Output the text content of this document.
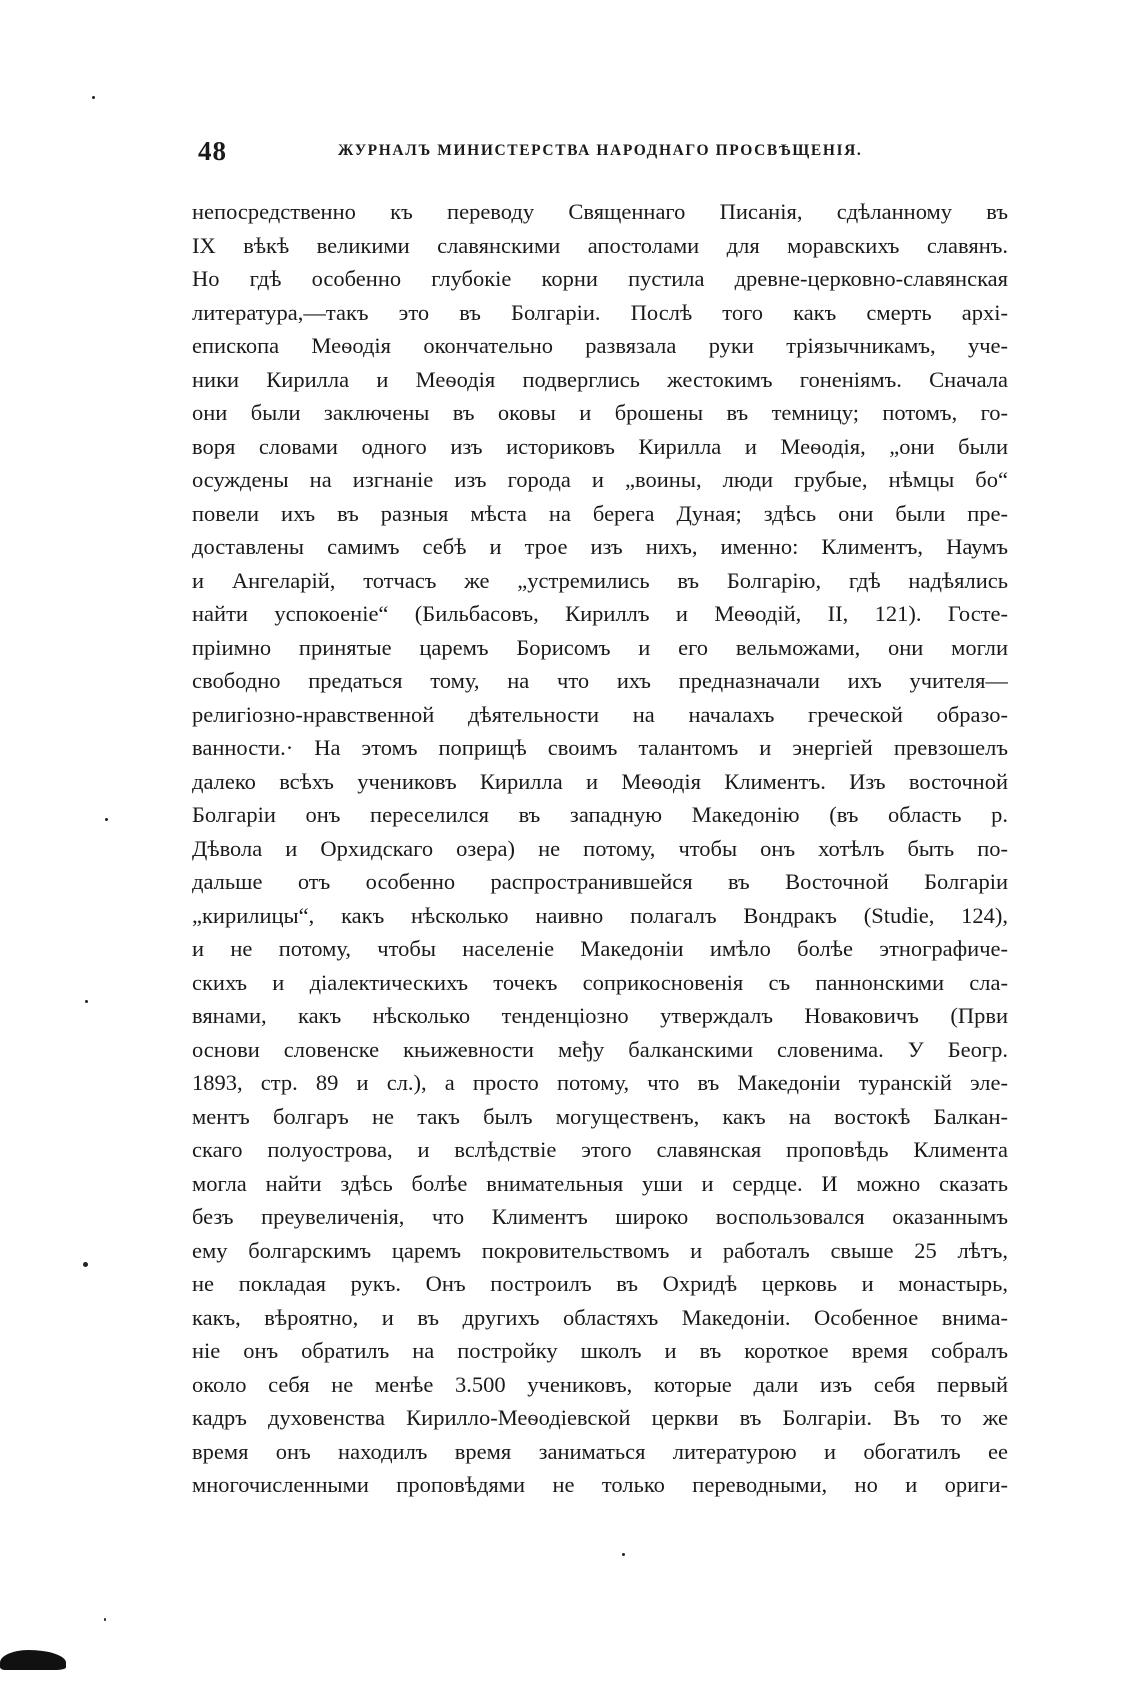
48	ЖУРНАЛЪ МИНИСТЕРСТВА НАРОДНАГО ПРОСВѢЩЕНІЯ.
непосредственно къ переводу Священнаго Писанія, сдѣланному въ
IX вѣкѣ великими славянскими апостолами для моравскихъ славянъ.
Но гдѣ особенно глубокіе корни пустила древне-церковно-славянская
литература,—такъ это въ Болгаріи. Послѣ того какъ смерть архі-
епископа Меѳодія окончательно развязала руки тріязычникамъ, уче-
ники Кирилла и Меѳодія подверглись жестокимъ гоненіямъ. Сначала
они были заключены въ оковы и брошены въ темницу; потомъ, го-
воря словами одного изъ историковъ Кирилла и Меѳодія, „они были
осуждены на изгнаніе изъ города и „воины, люди грубые, нѣмцы бо“
повели ихъ въ разныя мѣста на берега Дуная; здѣсь они были пре-
доставлены самимъ себѣ и трое изъ нихъ, именно: Климентъ, Наумъ
и Ангеларій, тотчасъ же „устремились въ Болгарію, гдѣ надѣялись
найти успокоеніе“ (Бильбасовъ, Кириллъ и Меѳодій, II, 121). Госте-
пріимно принятые царемъ Борисомъ и его вельможами, они могли
свободно предаться тому, на что ихъ предназначали ихъ учителя—
религіозно-нравственной дѣятельности на началахъ греческой образо-
ванности.· На этомъ поприщѣ своимъ талантомъ и энергіей превзошелъ
далеко всѣхъ учениковъ Кирилла и Меѳодія Климентъ. Изъ восточной
Болгаріи онъ переселился въ западную Македонію (въ область р.
Дѣвола и Орхидскаго озера) не потому, чтобы онъ хотѣлъ быть по-
дальше отъ особенно распространившейся въ Восточной Болгаріи
„кирилицы“, какъ нѣсколько наивно полагалъ Вондракъ (Studie, 124),
и не потому, чтобы населеніе Македоніи имѣло болѣе этнографиче-
скихъ и діалектическихъ точекъ соприкосновенія съ паннонскими сла-
вянами, какъ нѣсколько тенденціозно утверждалъ Новаковичъ (Први
основи словенске књижевности међу балканскими словенима. У Беогр.
1893, стр. 89 и сл.), а просто потому, что въ Македоніи туранскій эле-
ментъ болгаръ не такъ былъ могущественъ, какъ на востокѣ Балкан-
скаго полуострова, и вслѣдствіе этого славянская проповѣдь Климента
могла найти здѣсь болѣе внимательныя уши и сердце. И можно сказать
безъ преувеличенія, что Климентъ широко воспользовался оказаннымъ
ему болгарскимъ царемъ покровительствомъ и работалъ свыше 25 лѣтъ,
не покладая рукъ. Онъ построилъ въ Охридѣ церковь и монастырь,
какъ, вѣроятно, и въ другихъ областяхъ Македоніи. Особенное внима-
ніе онъ обратилъ на постройку школъ и въ короткое время собралъ
около себя не менѣе 3.500 учениковъ, которые дали изъ себя первый
кадръ духовенства Кирилло-Меѳодіевской церкви въ Болгаріи. Въ то же
время онъ находилъ время заниматься литературою и обогатилъ ее
многочисленными проповѣдями не только переводными, но и ориги-
